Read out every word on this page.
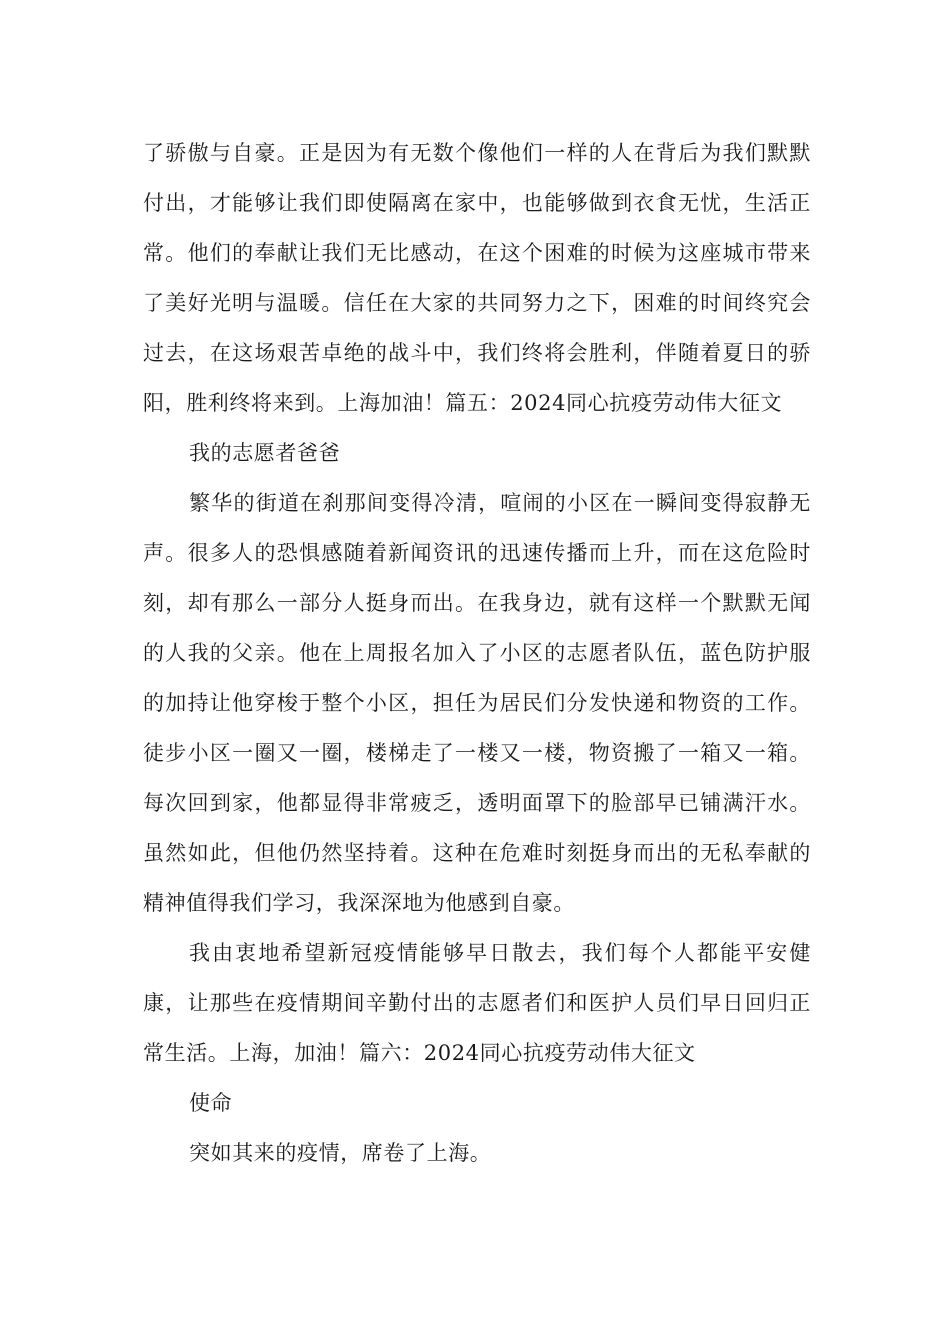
了骄傲与自豪。正是因为有无数个像他们一样的人在背后为我们默默付出，才能够让我们即使隔离在家中，也能够做到衣食无忧，生活正常。他们的奉献让我们无比感动，在这个困难的时候为这座城市带来了美好光明与温暖。信任在大家的共同努力之下，困难的时间终究会过去，在这场艰苦卓绝的战斗中，我们终将会胜利，伴随着夏日的骄阳，胜利终将来到。上海加油！篇五：2024同心抗疫劳动伟大征文

我的志愿者爸爸

繁华的街道在刹那间变得冷清，喧闹的小区在一瞬间变得寂静无声。很多人的恐惧感随着新闻资讯的迅速传播而上升，而在这危险时刻，却有那么一部分人挺身而出。在我身边，就有这样一个默默无闻的人我的父亲。他在上周报名加入了小区的志愿者队伍，蓝色防护服的加持让他穿梭于整个小区，担任为居民们分发快递和物资的工作。徒步小区一圈又一圈，楼梯走了一楼又一楼，物资搬了一箱又一箱。每次回到家，他都显得非常疲乏，透明面罩下的脸部早已铺满汗水。虽然如此，但他仍然坚持着。这种在危难时刻挺身而出的无私奉献的精神值得我们学习，我深深地为他感到自豪。

我由衷地希望新冠疫情能够早日散去，我们每个人都能平安健康，让那些在疫情期间辛勤付出的志愿者们和医护人员们早日回归正常生活。上海，加油！篇六：2024同心抗疫劳动伟大征文

使命

突如其来的疫情，席卷了上海。
